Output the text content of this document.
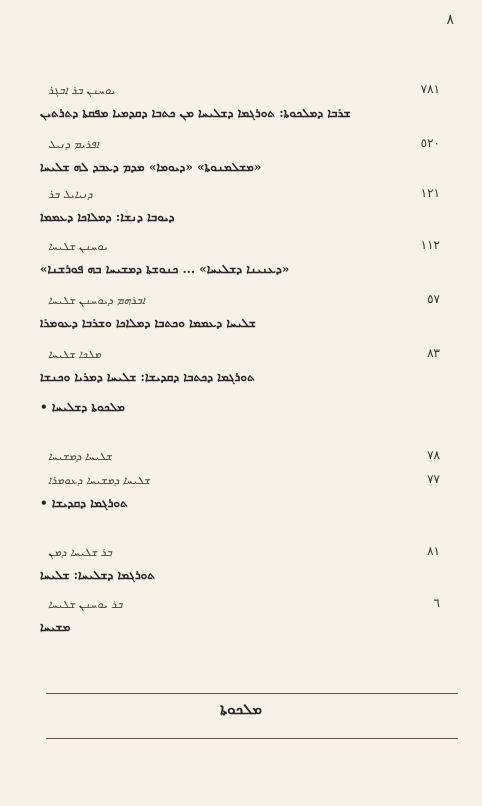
٨
٧٨١
ܝܘܚܢܢ ܒܪ ܐܒܓܪ
ܫܪܒܐ ܕܡܠܟܘܬܐ: ܬܘܪܓܡܐ ܕܫܠܝܚܐ ܡܢ ܟܬܒܐ ܕܩܕܡܝܐ ܡܦܩܬܐ ܕܬܪܬܝܢ
٥٢٠
ܐܦܪܝܡ ܕܢܝܠ
«ܡܫܠܡܢܘܬܐ» «ܕܝܘܡܐ» ܡܕܡ ܕܥܒܕ ܠܗ ܫܠܝܚܐ
١٢١
ܕܢܝܐܝܠ ܒܪ
ܕܝܘܒܐ ܕܢܫܐ: ܕܡܠܐܟܐ ܕܥܡܡܐ
١١٢
ܝܘܚܢܢ ܫܠܝܚܐ
«ܕܥܢܝܢܐ ܕܫܠܝܚܐ» ... ܟܢܘܫܬܐ ܕܡܫܝܚܐ ܒܗ ܦܘܪܫܢܐ»
٥٧
ܐܒܪܗܡ ܕܝܘܚܢܢ ܫܠܝܚܐ
ܫܠܝܚܐ ܕܥܡܡܐ ܘܟܬܒܐ ܕܡܠܐܟܐ ܘܫܪܒܐ ܕܥܘܡܪܐ
٨٣
ܡܠܟܐ ܫܠܝܚܐ
ܬܘܪܓܡܐ ܕܟܬܒܐ ܕܩܕܝܫܐ: ܫܠܝܚܐ ܕܡܪܝܐ ܘܟܢܫܐ
ܡܠܟܘܬܐ ܕܫܠܝܚܐ •
٧٨
ܫܠܝܚܐ ܕܡܫܝܚܐ
٧٧
ܫܠܝܚܐ ܕܡܫܝܚܐ ܕܥܘܡܪܐ
ܬܘܪܓܡܐ ܕܩܕܝܫܐ •
٨١
ܒܪ ܫܠܝܚܐ ܕܡܢ
ܬܘܪܓܡܐ ܕܫܠܝܚܐ: ܫܠܝܚܐ
٦
ܒܪ ܝܘܚܢܢ ܫܠܝܚܐ
ܡܫܝܚܐ
ܡܠܟܘܬܐ
